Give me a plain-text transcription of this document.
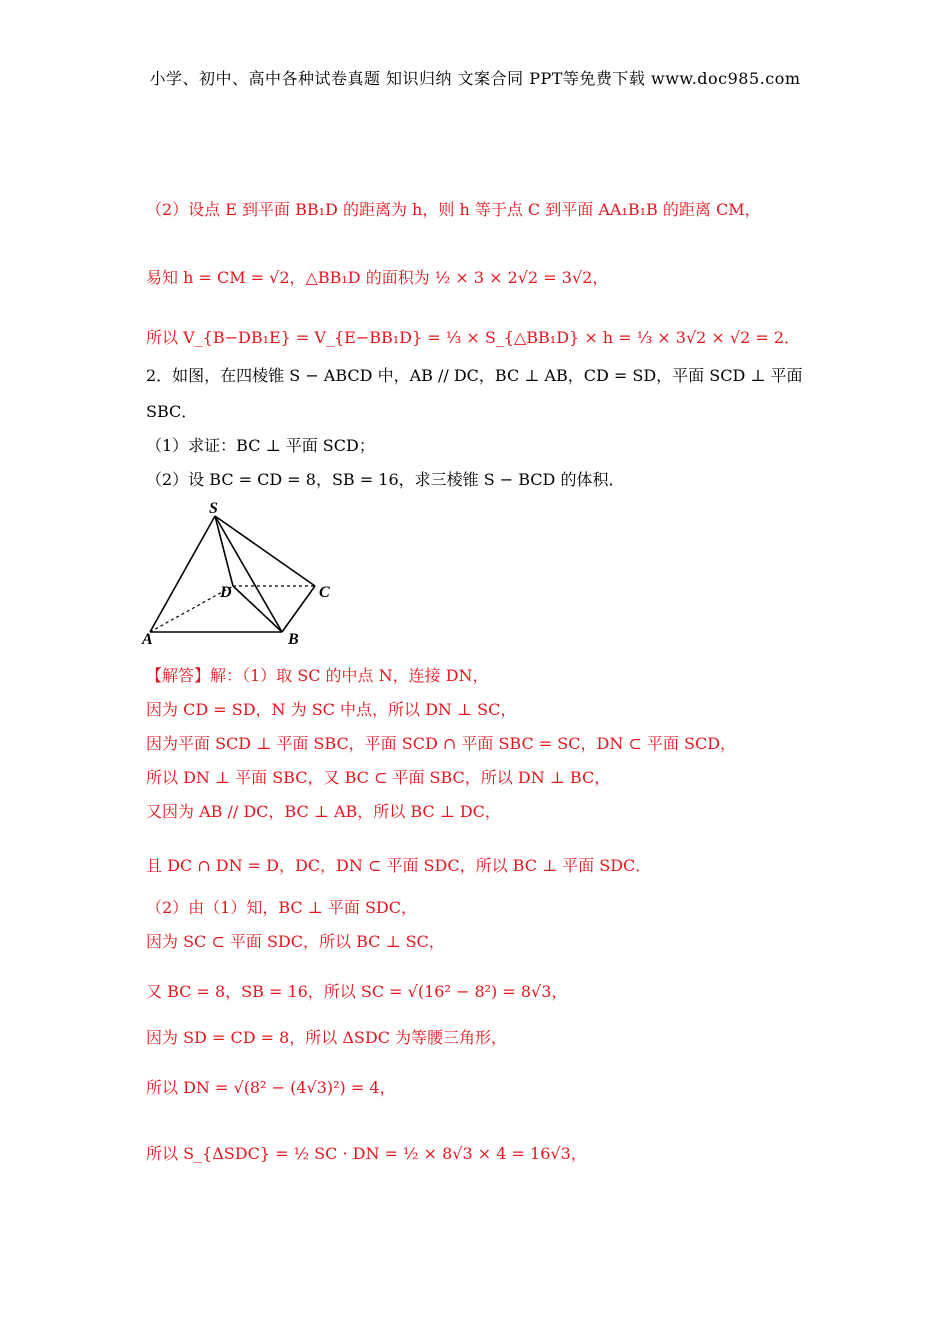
小学、初中、高中各种试卷真题 知识归纳 文案合同 PPT等免费下载 www.doc985.com
（2）设点 E 到平面 BB₁D 的距离为 h，则 h 等于点 C 到平面 AA₁B₁B 的距离 CM，
易知 h = CM = √2，△BB₁D 的面积为 ½ × 3 × 2√2 = 3√2，
所以 V_{B−DB₁E} = V_{E−BB₁D} = ⅓ × S_{△BB₁D} × h = ⅓ × 3√2 × √2 = 2．
2．如图，在四棱锥 S − ABCD 中，AB // DC，BC ⊥ AB，CD = SD，平面 SCD ⊥ 平面
SBC．
（1）求证：BC ⊥ 平面 SCD；
（2）设 BC = CD = 8，SB = 16，求三棱锥 S − BCD 的体积．
S
A	B
C
D
【解答】解：（1）取 SC 的中点 N，连接 DN，
因为 CD = SD，N 为 SC 中点，所以 DN ⊥ SC，
因为平面 SCD ⊥ 平面 SBC，平面 SCD ∩ 平面 SBC = SC，DN ⊂ 平面 SCD，
所以 DN ⊥ 平面 SBC，又 BC ⊂ 平面 SBC，所以 DN ⊥ BC，
又因为 AB // DC，BC ⊥ AB，所以 BC ⊥ DC，
且 DC ∩ DN = D，DC，DN ⊂ 平面 SDC，所以 BC ⊥ 平面 SDC．
（2）由（1）知，BC ⊥ 平面 SDC，
因为 SC ⊂ 平面 SDC，所以 BC ⊥ SC，
又 BC = 8，SB = 16，所以 SC = √(16² − 8²) = 8√3，
因为 SD = CD = 8，所以 ΔSDC 为等腰三角形，
所以 DN = √(8² − (4√3)²) = 4，
所以 S_{ΔSDC} = ½ SC · DN = ½ × 8√3 × 4 = 16√3，
